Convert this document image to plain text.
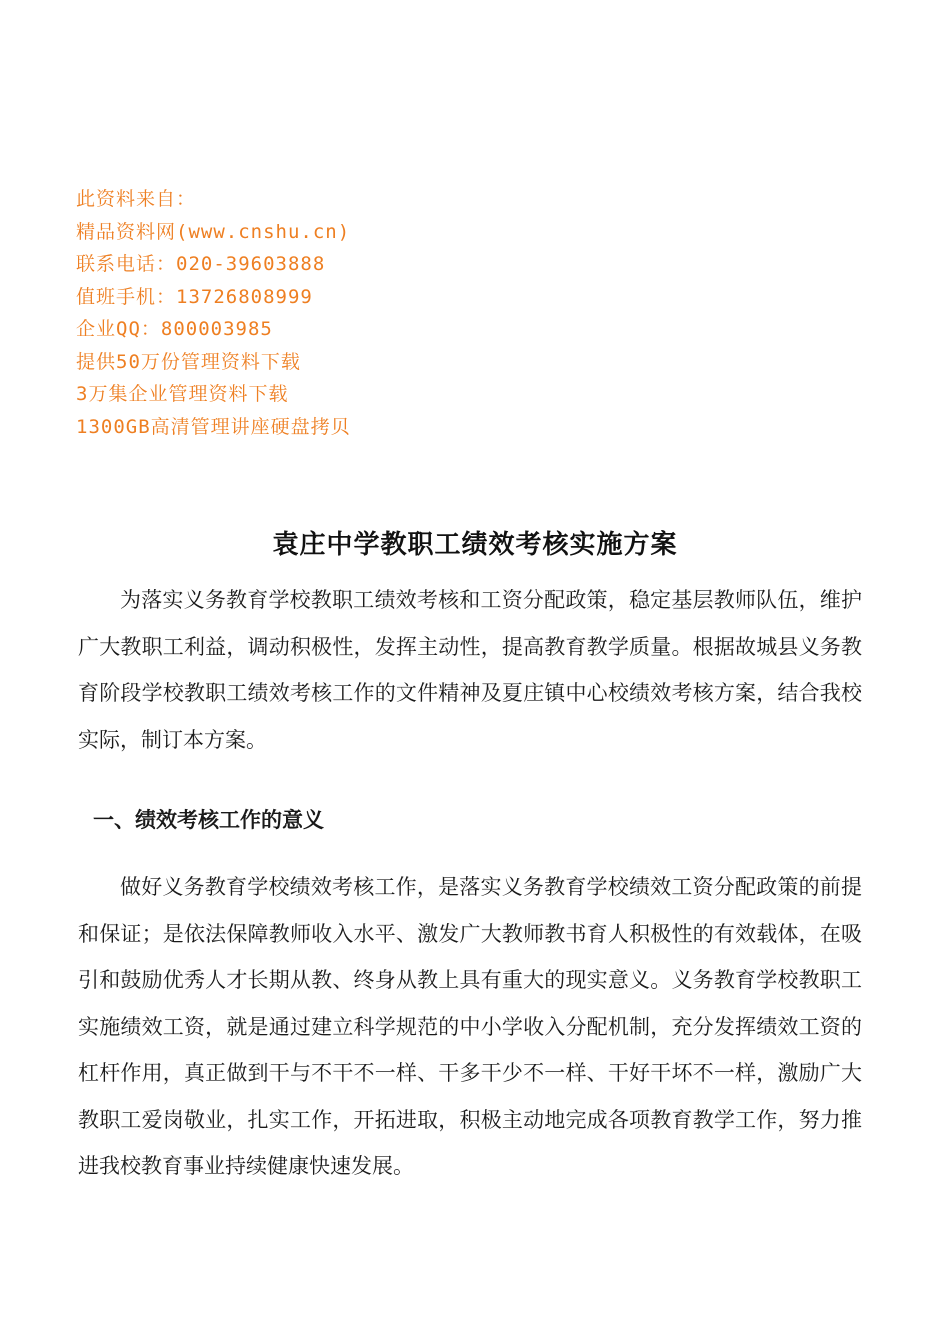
此资料来自：
精品资料网(www.cnshu.cn)
联系电话：020-39603888
值班手机：13726808999
企业QQ：800003985
提供50万份管理资料下载
3万集企业管理资料下载
1300GB高清管理讲座硬盘拷贝
袁庄中学教职工绩效考核实施方案

为落实义务教育学校教职工绩效考核和工资分配政策，稳定基层教师队伍，维护广大教职工利益，调动积极性，发挥主动性，提高教育教学质量。根据故城县义务教育阶段学校教职工绩效考核工作的文件精神及夏庄镇中心校绩效考核方案，结合我校实际，制订本方案。

一、绩效考核工作的意义

做好义务教育学校绩效考核工作，是落实义务教育学校绩效工资分配政策的前提和保证；是依法保障教师收入水平、激发广大教师教书育人积极性的有效载体，在吸引和鼓励优秀人才长期从教、终身从教上具有重大的现实意义。义务教育学校教职工实施绩效工资，就是通过建立科学规范的中小学收入分配机制，充分发挥绩效工资的杠杆作用，真正做到干与不干不一样、干多干少不一样、干好干坏不一样，激励广大教职工爱岗敬业，扎实工作，开拓进取，积极主动地完成各项教育教学工作，努力推进我校教育事业持续健康快速发展。
